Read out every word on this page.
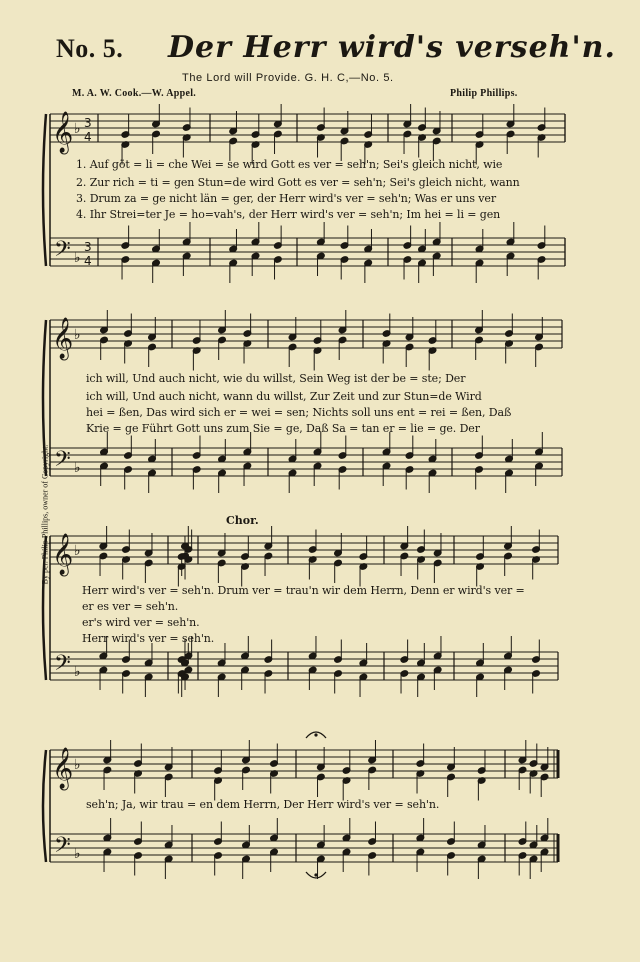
No. 5. Der Herr wird's verseh'n.
The Lord will Provide. G. H. C,—No. 5.
M. A. W. Cook.—W. Appel.	Philip Phillips.
By per. Philip Phillips, owner of Copyright.	Chor.
𝄞
𝄢
♭
♭
3
4
3
4
𝄞
𝄢
♭
♭
𝄞
𝄢
♭
♭
𝄞
𝄢
♭
♭
1. Auf göt = li = che Wei = se wird Gott es ver = seh'n; Sei's gleich nicht, wie
2. Zur rich = ti = gen Stun=de wird Gott es ver = seh'n; Sei's gleich nicht, wann
3. Drum za = ge nicht län = ger, der Herr wird's ver = seh'n; Was er uns ver
4. Ihr Strei=ter Je = ho=vah's, der Herr wird's ver = seh'n; Im hei = li = gen
ich will, Und auch nicht, wie du willst, Sein Weg ist der be = ste; Der
ich will, Und auch nicht, wann du willst, Zur Zeit und zur Stun=de Wird
hei = ßen, Das wird sich er = wei = sen; Nichts soll uns ent = rei = ßen, Daß
Krie = ge Führt Gott uns zum Sie = ge, Daß Sa = tan er = lie = ge. Der
Herr wird's ver = seh'n. Drum ver = trau'n wir dem Herrn, Denn er wird's ver =
er es ver = seh'n.
er's wird ver = seh'n.
Herr wird's ver = seh'n.
seh'n; Ja, wir trau = en dem Herrn, Der Herr wird's ver = seh'n.
